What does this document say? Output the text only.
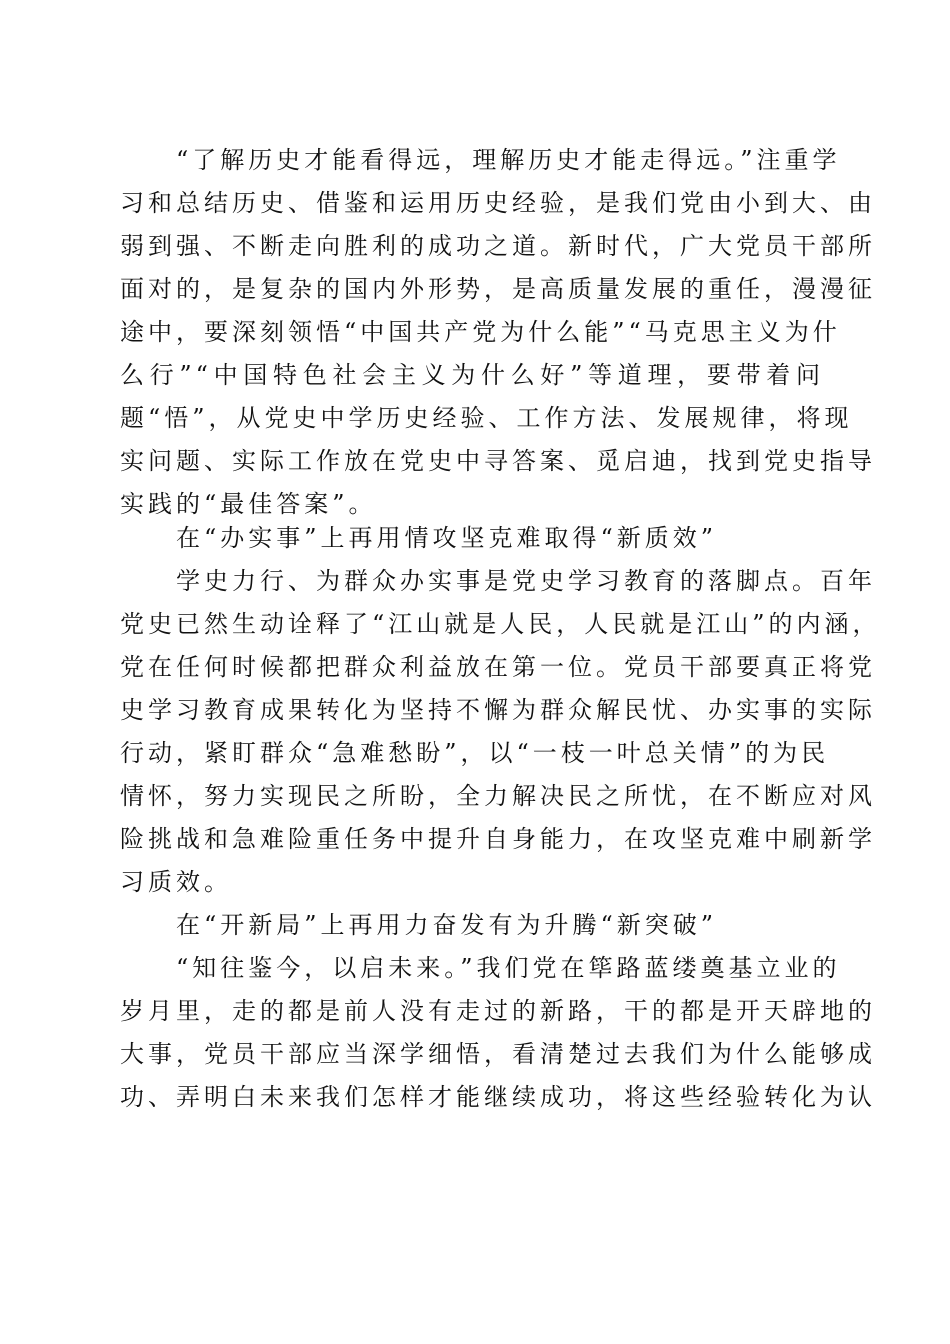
“了解历史才能看得远，理解历史才能走得远。”注重学
习和总结历史、借鉴和运用历史经验，是我们党由小到大、由
弱到强、不断走向胜利的成功之道。新时代，广大党员干部所
面对的，是复杂的国内外形势，是高质量发展的重任，漫漫征
途中，要深刻领悟“中国共产党为什么能”“马克思主义为什
么行”“中国特色社会主义为什么好”等道理，要带着问
题“悟”，从党史中学历史经验、工作方法、发展规律，将现
实问题、实际工作放在党史中寻答案、觅启迪，找到党史指导
实践的“最佳答案”。
在“办实事”上再用情攻坚克难取得“新质效”
学史力行、为群众办实事是党史学习教育的落脚点。百年
党史已然生动诠释了“江山就是人民，人民就是江山”的内涵，
党在任何时候都把群众利益放在第一位。党员干部要真正将党
史学习教育成果转化为坚持不懈为群众解民忧、办实事的实际
行动，紧盯群众“急难愁盼”，以“一枝一叶总关情”的为民
情怀，努力实现民之所盼，全力解决民之所忧，在不断应对风
险挑战和急难险重任务中提升自身能力，在攻坚克难中刷新学
习质效。
在“开新局”上再用力奋发有为升腾“新突破”
“知往鉴今，以启未来。”我们党在筚路蓝缕奠基立业的
岁月里，走的都是前人没有走过的新路，干的都是开天辟地的
大事，党员干部应当深学细悟，看清楚过去我们为什么能够成
功、弄明白未来我们怎样才能继续成功，将这些经验转化为认
